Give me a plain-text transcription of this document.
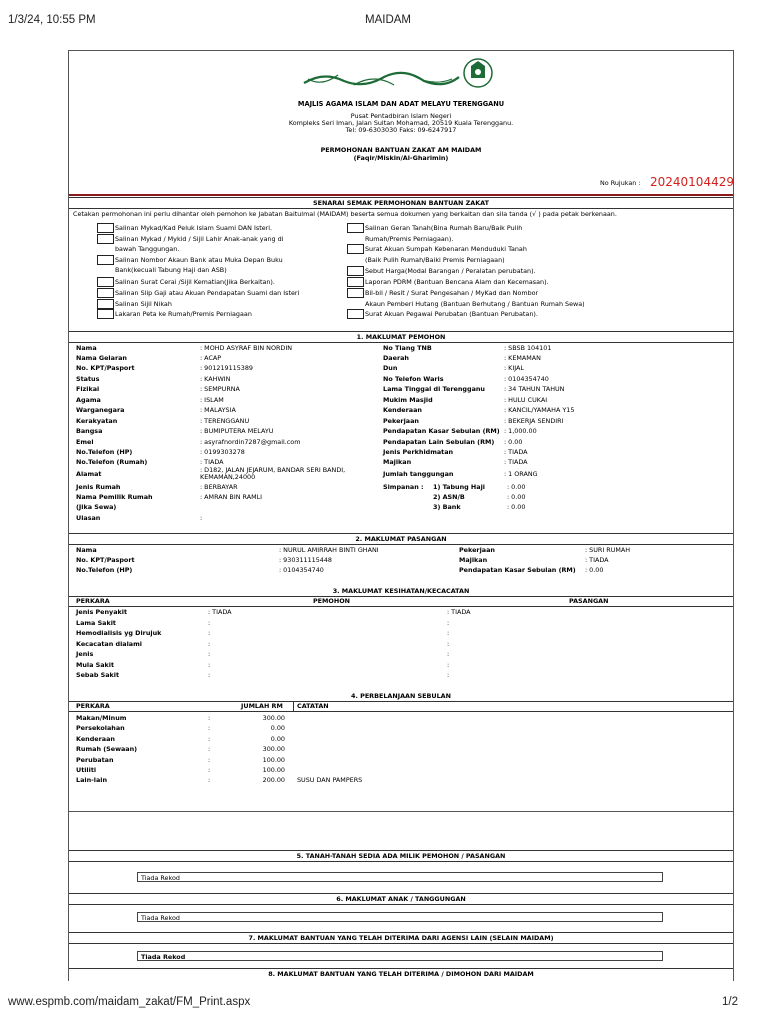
1/3/24, 10:55 PM	MAIDAM
www.espmb.com/maidam_zakat/FM_Print.aspx	1/2
MAJLIS AGAMA ISLAM DAN ADAT MELAYU TERENGGANU
Pusat Pentadbiran Islam Negeri
Kompleks Seri Iman, Jalan Sultan Mohamad, 20519 Kuala Terengganu.
Tel: 09-6303030 Faks: 09-6247917
PERMOHONAN BANTUAN ZAKAT AM MAIDAM
(Faqir/Miskin/Al-Gharimin)
No Rujukan : 20240104429
SENARAI SEMAK PERMOHONAN BANTUAN ZAKAT
Cetakan permohonan ini perlu dihantar oleh pemohon ke Jabatan Baitulmal (MAIDAM) beserta semua dokumen yang berkaitan dan sila tanda (√ ) pada petak berkenaan.
Salinan Mykad/Kad Peluk Islam Suami DAN Isteri.
Salinan Mykad / Mykid / Sijil Lahir Anak-anak yang di
bawah Tanggungan.
Salinan Nombor Akaun Bank atau Muka Depan Buku
Bank(kecuali Tabung Haji dan ASB)
Salinan Surat Cerai /Sijil Kematian(Jika Berkaitan).
Salinan Slip Gaji atau Akuan Pendapatan Suami dan Isteri
Salinan Sijil Nikah
Lakaran Peta ke Rumah/Premis Perniagaan
Salinan Geran Tanah(Bina Rumah Baru/Baik Pulih
Rumah/Premis Perniagaan).
Surat Akuan Sumpah Kebenaran Menduduki Tanah
(Baik Pulih Rumah/Baiki Premis Perniagaan)
Sebut Harga(Modal Barangan / Peralatan perubatan).
Laporan PDRM (Bantuan Bencana Alam dan Kecemasan).
Bil-bil / Resit / Surat Pengesahan / MyKad dan Nombor
Akaun Pemberi Hutang (Bantuan Berhutang / Bantuan Rumah Sewa)
Surat Akuan Pegawai Perubatan (Bantuan Perubatan).
1. MAKLUMAT PEMOHON
Nama	: MOHD ASYRAF BIN NORDIN
Nama Gelaran	: ACAP
No. KPT/Pasport	: 901219115389
Status	: KAHWIN
Fizikal	: SEMPURNA
Agama	: ISLAM
Warganegara	: MALAYSIA
Kerakyatan	: TERENGGANU
Bangsa	: BUMIPUTERA MELAYU
Emel	: asyrafnordin7287@gmail.com
No.Telefon (HP)	: 0199303278
No.Telefon (Rumah)	: TIADA
Alamat	: D182, JALAN JEJARUM, BANDAR SERI BANDI,
KEMAMAN,24000
Jenis Rumah	: BERBAYAR
Nama Pemilik Rumah	: AMRAN BIN RAMLI
(Jika Sewa)
Ulasan	:
No Tiang TNB	: SBSB 104101
Daerah	: KEMAMAN
Dun	: KIJAL
No Telefon Waris	: 0104354740
Lama Tinggal di Terengganu	: 34 TAHUN TAHUN
Mukim Masjid	: HULU CUKAI
Kenderaan	: KANCIL/YAMAHA Y15
Pekerjaan	: BEKERJA SENDIRI
Pendapatan Kasar Sebulan (RM) : 1,000.00
Pendapatan Lain Sebulan (RM) : 0.00
Jenis Perkhidmatan	: TIADA
Majikan	: TIADA
Jumlah tanggungan	: 1 ORANG
Simpanan : 1) Tabung Haji	: 0.00
2) ASN/B	: 0.00
3) Bank	: 0.00
2. MAKLUMAT PASANGAN
Nama	: NURUL AMIRRAH BINTI GHANI
No. KPT/Pasport	: 930311115448
No.Telefon (HP)	: 0104354740
Pekerjaan	: SURI RUMAH
Majikan	: TIADA
Pendapatan Kasar Sebulan (RM) : 0.00
3. MAKLUMAT KESIHATAN/KECACATAN
PERKARA	PEMOHON	PASANGAN
Jenis Penyakit	: TIADA	: TIADA
Lama Sakit	:	:
Hemodialisis yg Dirujuk	:	:
Kecacatan dialami	:	:
Jenis	:	:
Mula Sakit	:	:
Sebab Sakit	:	:
4. PERBELANJAAN SEBULAN
PERKARA	JUMLAH RM CATATAN
Makan/Minum	:	300.00
Persekolahan	:	0.00
Kenderaan	:	0.00
Rumah (Sewaan)	:	300.00
Perubatan	:	100.00
Utiliti	:	100.00
Lain-lain	:	200.00 SUSU DAN PAMPERS
5. TANAH-TANAH SEDIA ADA MILIK PEMOHON / PASANGAN
Tiada Rekod
6. MAKLUMAT ANAK / TANGGUNGAN
Tiada Rekod
7. MAKLUMAT BANTUAN YANG TELAH DITERIMA DARI AGENSI LAIN (SELAIN MAIDAM)
Tiada Rekod
8. MAKLUMAT BANTUAN YANG TELAH DITERIMA / DIMOHON DARI MAIDAM
